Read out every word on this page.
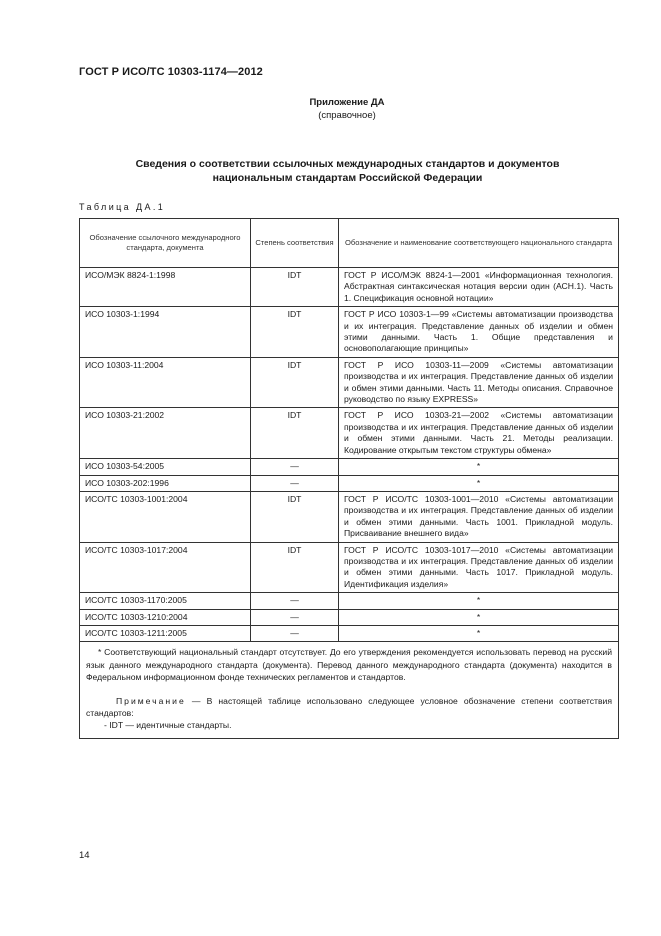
ГОСТ Р ИСО/ТС 10303-1174—2012
Приложение ДА
(справочное)
Сведения о соответствии ссылочных международных стандартов и документов
национальным стандартам Российской Федерации
Таблица ДА.1
Обозначение ссылочного международного стандарта, документа	Степень соответствия	Обозначение и наименование соответствующего национального стандарта
ИСО/МЭК 8824-1:1998	IDT	ГОСТ Р ИСО/МЭК 8824-1—2001 «Информационная технология. Абстрактная синтаксическая нотация версии один (АСН.1). Часть 1. Спецификация основной нотации»
ИСО 10303-1:1994	IDT	ГОСТ Р ИСО 10303-1—99 «Системы автоматизации производства и их интеграция. Представление данных об изделии и обмен этими данными. Часть 1. Общие представления и основополагающие принципы»
ИСО 10303-11:2004	IDT	ГОСТ Р ИСО 10303-11—2009 «Системы автоматизации производства и их интеграция. Представление данных об изделии и обмен этими данными. Часть 11. Методы описания. Справочное руководство по языку EXPRESS»
ИСО 10303-21:2002	IDT	ГОСТ Р ИСО 10303-21—2002 «Системы автоматизации производства и их интеграция. Представление данных об изделии и обмен этими данными. Часть 21. Методы реализации. Кодирование открытым текстом структуры обмена»
ИСО 10303-54:2005	—	*
ИСО 10303-202:1996	—	*
ИСО/ТС 10303-1001:2004	IDT	ГОСТ Р ИСО/ТС 10303-1001—2010 «Системы автоматизации производства и их интеграция. Представление данных об изделии и обмен этими данными. Часть 1001. Прикладной модуль. Присваивание внешнего вида»
ИСО/ТС 10303-1017:2004	IDT	ГОСТ Р ИСО/ТС 10303-1017—2010 «Системы автоматизации производства и их интеграция. Представление данных об изделии и обмен этими данными. Часть 1017. Прикладной модуль. Идентификация изделия»
ИСО/ТС 10303-1170:2005	—	*
ИСО/ТС 10303-1210:2004	—	*
ИСО/ТС 10303-1211:2005	—	*

* Соответствующий национальный стандарт отсутствует. До его утверждения рекомендуется использовать перевод на русский язык данного международного стандарта (документа). Перевод данного международного стандарта (документа) находится в Федеральном информационном фонде технических регламентов и стандартов.
Примечание — В настоящей таблице использовано следующее условное обозначение степени соответствия стандартов:
- IDT — идентичные стандарты.		
14
